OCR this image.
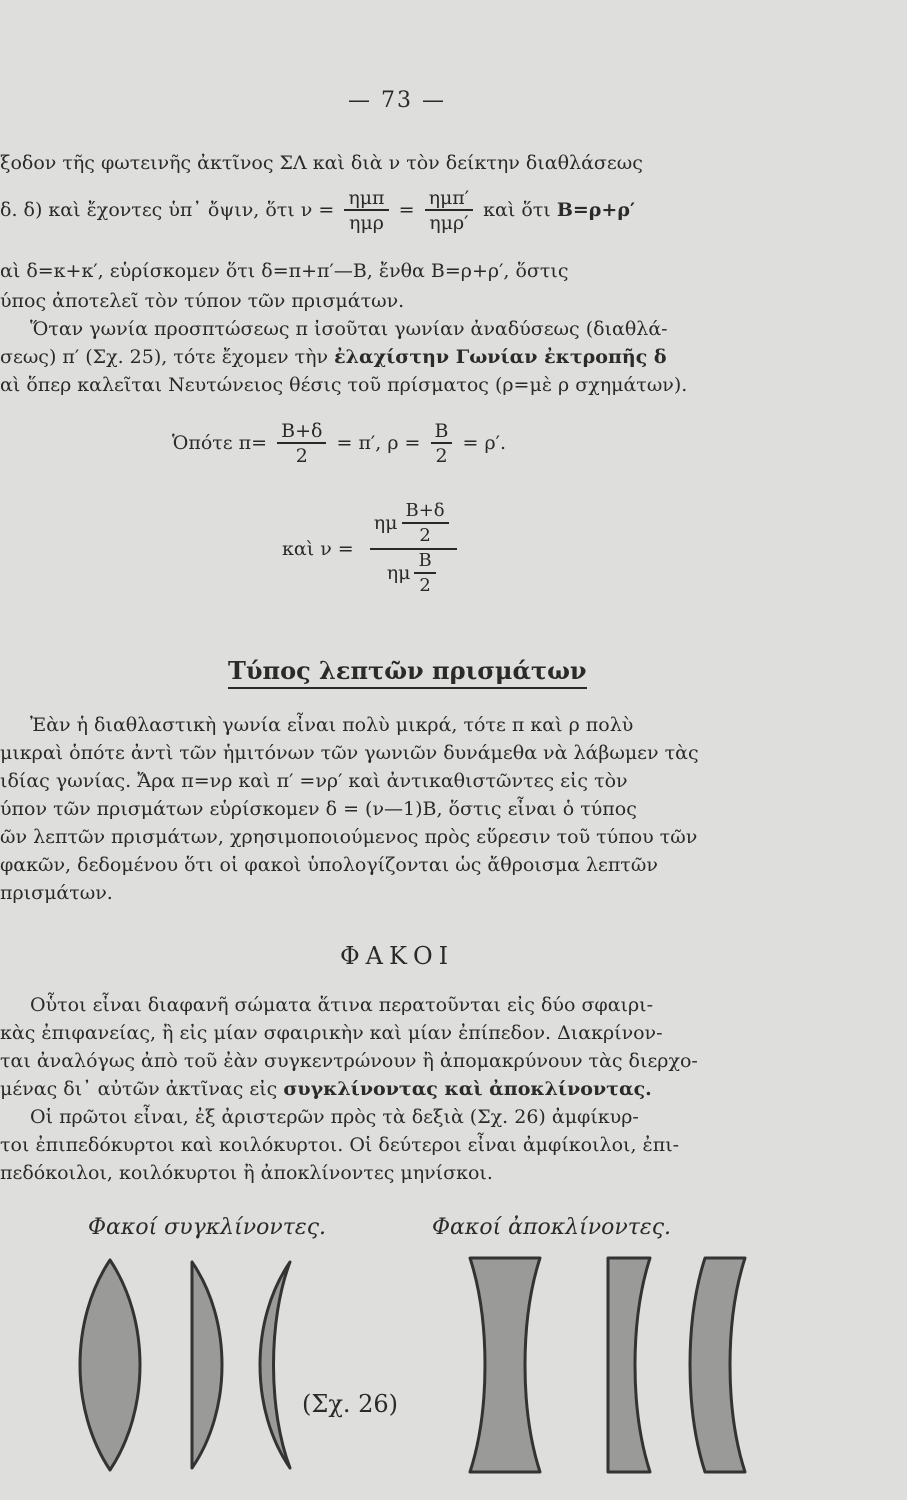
— 73 —
ξοδον τῆς φωτεινῆς ἀκτῖνος ΣΛ καὶ διὰ ν τὸν δείκτην διαθλάσεως
δ. δ) καὶ ἔχοντες ὑπ᾽ ὄψιν, ὅτι $\nu = \frac{\text{ημπ}}{\text{ημρ}} = \frac{\text{ημπ′}}{\text{ημρ′}}$ καὶ ὅτι Β=ρ+ρ′
αὶ δ=κ+κ′, εὑρίσκομεν ὅτι δ=π+π′—Β, ἔνθα Β=ρ+ρ′, ὅστις
ύπος ἀποτελεῖ τὸν τύπον τῶν πρισμάτων.
Ὅταν γωνία προσπτώσεως π ἰσοῦται γωνίαν ἀναδύσεως (διαθλά-
σεως) π′ (Σχ. 25), τότε ἔχομεν τὴν ἐλαχίστην Γωνίαν ἐκτροπῆς δ
αὶ ὅπερ καλεῖται Νευτώνειος θέσις τοῦ πρίσματος (ρ=μὲ ρ σχημάτων).
Ὁπότε $\pi= \frac{B+\delta}{2} = \pi'$, $\rho = \frac{B}{2} = \rho'$.
καὶ $\nu = \frac{\eta\mu \frac{B+\delta}{2}}{\eta\mu \frac{B}{2}}$
Τύπος λεπτῶν πρισμάτων
Ἐὰν ἡ διαθλαστικὴ γωνία εἶναι πολὺ μικρά, τότε π καὶ ρ πολὺ
μικραὶ ὁπότε ἀντὶ τῶν ἡμιτόνων τῶν γωνιῶν δυνάμεθα νὰ λάβωμεν τὰς
ιδίας γωνίας. Ἄρα π=νρ καὶ π′ =νρ′ καὶ ἀντικαθιστῶντες εἰς τὸν
ύπον τῶν πρισμάτων εὑρίσκομεν δ = (ν—1)Β, ὅστις εἶναι ὁ τύπος
ῶν λεπτῶν πρισμάτων, χρησιμοποιούμενος πρὸς εὕρεσιν τοῦ τύπου τῶν
φακῶν, δεδομένου ὅτι οἱ φακοὶ ὑπολογίζονται ὡς ἄθροισμα λεπτῶν
πρισμάτων.
ΦΑΚΟΙ
Οὗτοι εἶναι διαφανῆ σώματα ἅτινα περατοῦνται εἰς δύο σφαιρι-
κὰς ἐπιφανείας, ἢ εἰς μίαν σφαιρικὴν καὶ μίαν ἐπίπεδον. Διακρίνον-
ται ἀναλόγως ἀπὸ τοῦ ἐὰν συγκεντρώνουν ἢ ἀπομακρύνουν τὰς διερχο-
μένας δι᾽ αὐτῶν ἀκτῖνας εἰς συγκλίνοντας καὶ ἀποκλίνοντας.
Οἱ πρῶτοι εἶναι, ἐξ ἀριστερῶν πρὸς τὰ δεξιὰ (Σχ. 26) ἀμφίκυρ-
τοι ἐπιπεδόκυρτοι καὶ κοιλόκυρτοι. Οἱ δεύτεροι εἶναι ἀμφίκοιλοι, ἐπι-
πεδόκοιλοι, κοιλόκυρτοι ἢ ἀποκλίνοντες μηνίσκοι.
Φακοί συγκλίνοντες.	Φακοί ἀποκλίνοντες.
(Σχ. 26)
